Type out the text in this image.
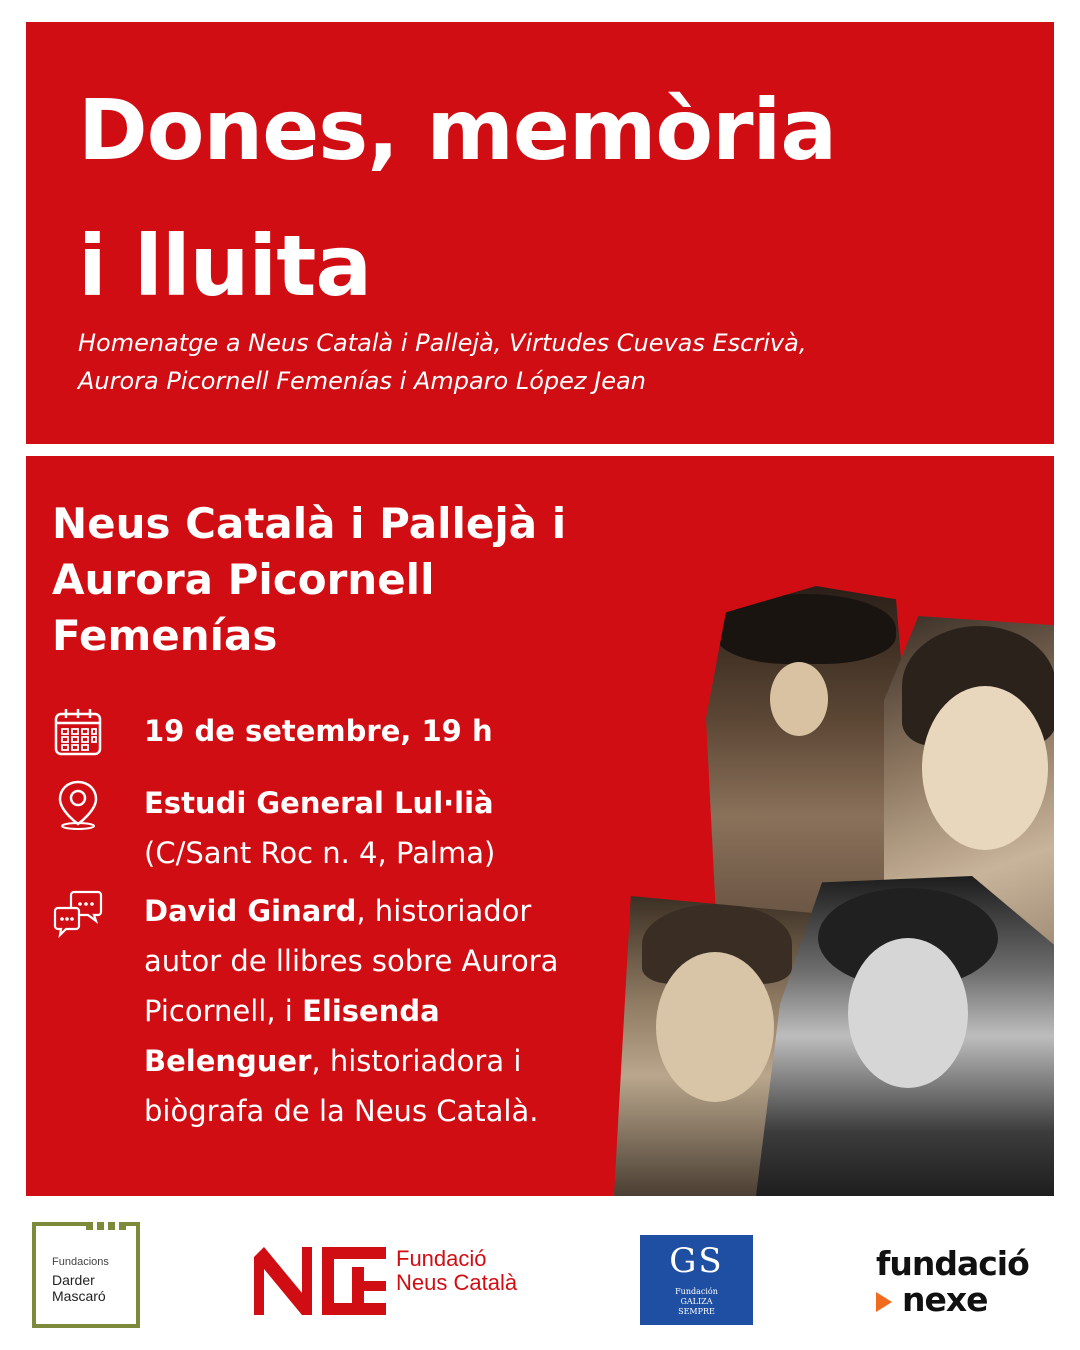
Dones, memòria
i lluita

Homenatge a Neus Català i Pallejà, Virtudes Cuevas Escrivà,
Aurora Picornell Femenías i Amparo López Jean

Neus Català i Pallejà i
Aurora Picornell
Femenías
19 de setembre, 19 h
Estudi General Lul·lià
(C/Sant Roc n. 4, Palma)
David Ginard, historiador
autor de llibres sobre Aurora
Picornell, i Elisenda
Belenguer, historiadora i
biògrafa de la Neus Català.
Fundacions
Darder
Mascaró
Fundació
Neus Català
GS
Fundación
GALIZA
SEMPRE
fundació
nexe
